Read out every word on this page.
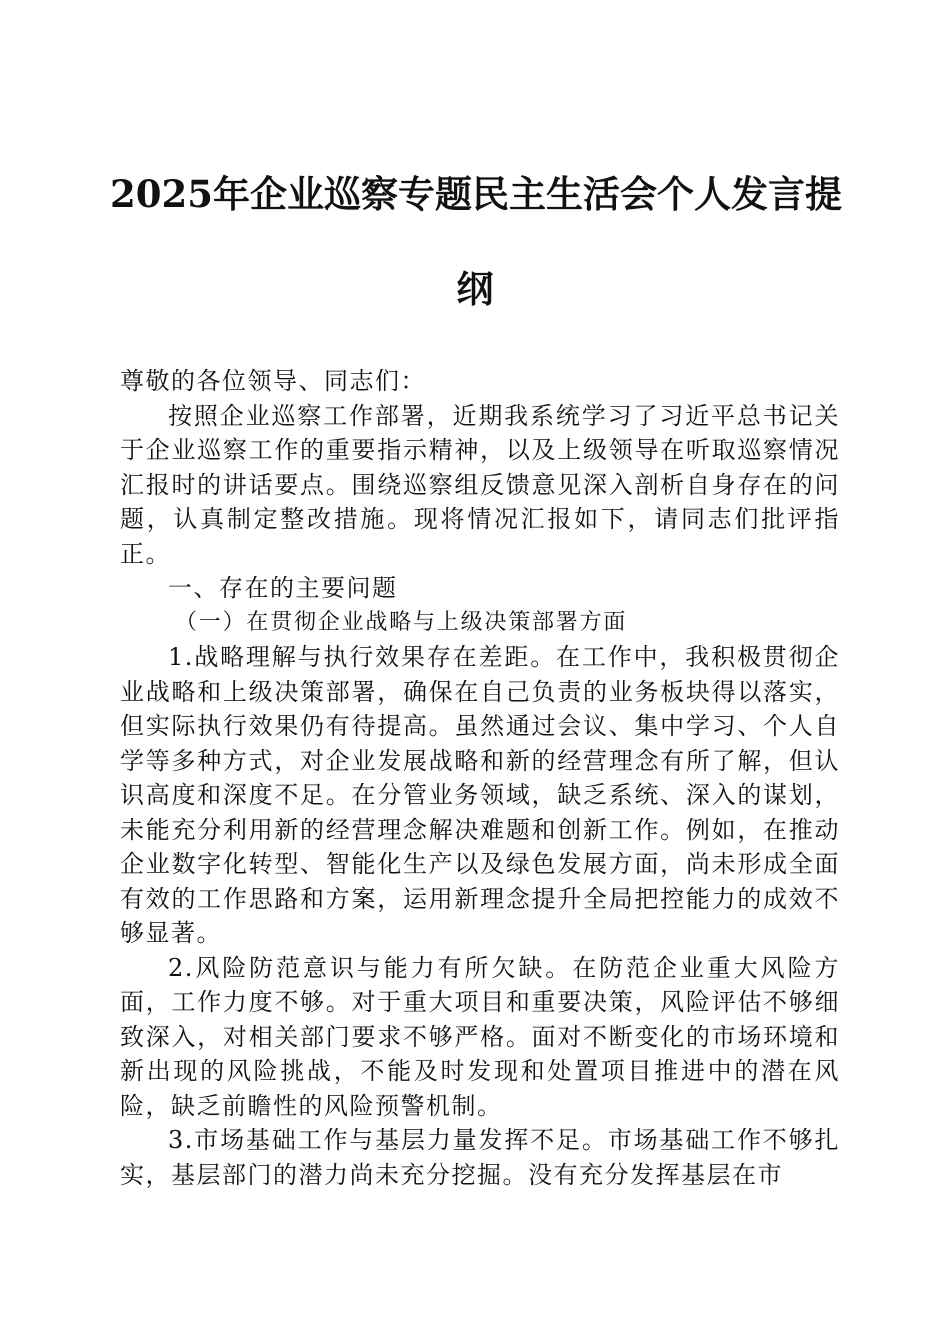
2025年企业巡察专题民主生活会个人发言提
纲

尊敬的各位领导、同志们：

按照企业巡察工作部署，近期我系统学习了习近平总书记关于企业巡察工作的重要指示精神，以及上级领导在听取巡察情况汇报时的讲话要点。围绕巡察组反馈意见深入剖析自身存在的问题，认真制定整改措施。现将情况汇报如下，请同志们批评指正。

一、存在的主要问题

（一）在贯彻企业战略与上级决策部署方面

1.战略理解与执行效果存在差距。在工作中，我积极贯彻企业战略和上级决策部署，确保在自己负责的业务板块得以落实，但实际执行效果仍有待提高。虽然通过会议、集中学习、个人自学等多种方式，对企业发展战略和新的经营理念有所了解，但认识高度和深度不足。在分管业务领域，缺乏系统、深入的谋划，未能充分利用新的经营理念解决难题和创新工作。例如，在推动企业数字化转型、智能化生产以及绿色发展方面，尚未形成全面有效的工作思路和方案，运用新理念提升全局把控能力的成效不够显著。

2.风险防范意识与能力有所欠缺。在防范企业重大风险方面，工作力度不够。对于重大项目和重要决策，风险评估不够细致深入，对相关部门要求不够严格。面对不断变化的市场环境和新出现的风险挑战，不能及时发现和处置项目推进中的潜在风险，缺乏前瞻性的风险预警机制。

3.市场基础工作与基层力量发挥不足。市场基础工作不够扎实，基层部门的潜力尚未充分挖掘。没有充分发挥基层在市
